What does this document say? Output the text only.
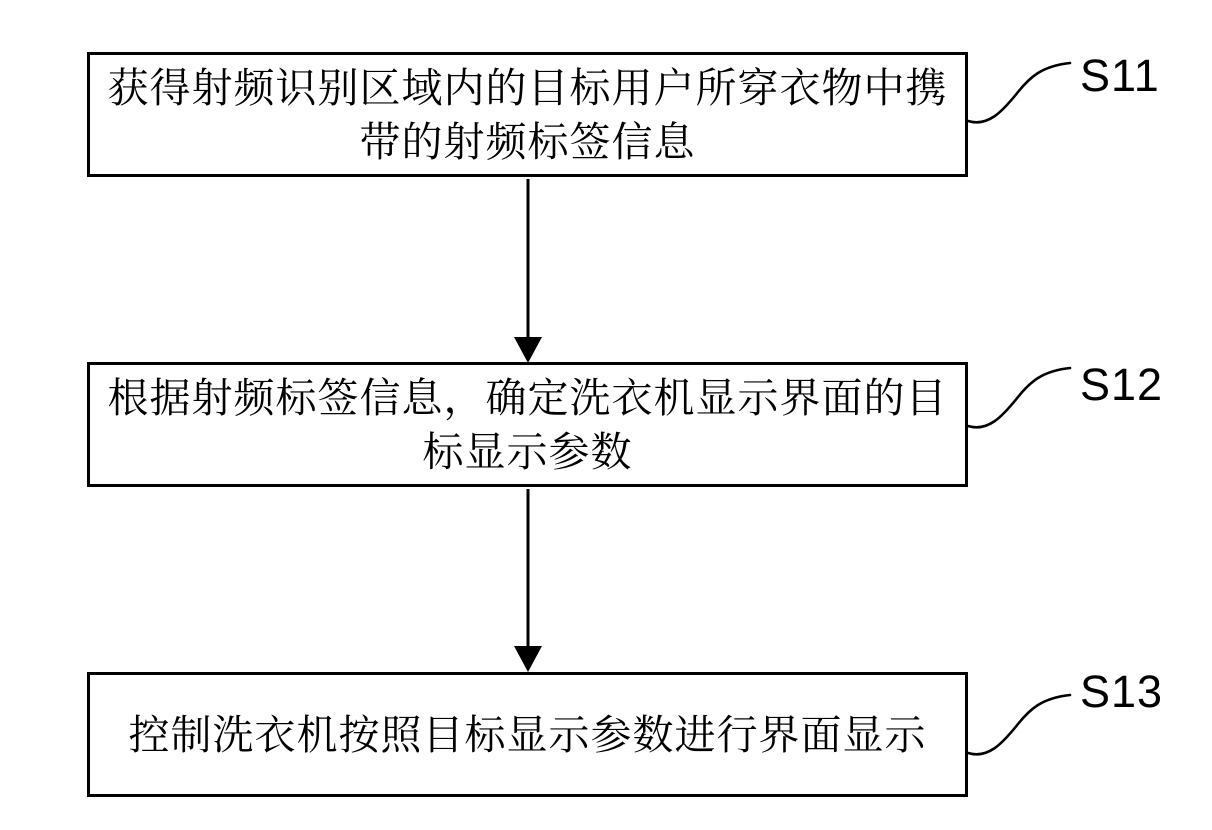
获得射频识别区域内的目标用户所穿衣物中携
带的射频标签信息
根据射频标签信息，确定洗衣机显示界面的目
标显示参数
控制洗衣机按照目标显示参数进行界面显示
S11
S12
S13
